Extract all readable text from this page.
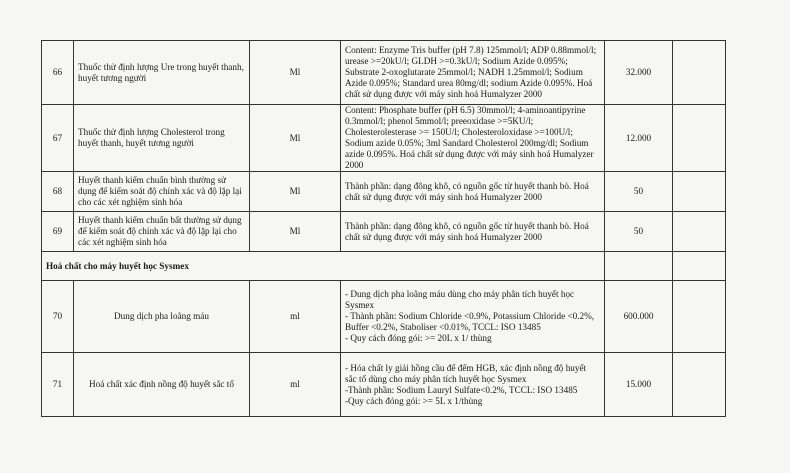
66	Thuốc thử định lượng Ure trong huyết thanh, huyết tương người	Ml	Content: Enzyme Tris buffer (pH 7.8) 125mmol/l; ADP 0.88mmol/l; urease >=20kU/l; GLDH >=0.3kU/l; Sodium Azide 0.095%; Substrate 2-oxoglutarate 25mmol/l; NADH 1.25mmol/l; Sodium Azide 0.095%; Standard urea 80mg/dl; sodium Azide 0.095%. Hoá chất sử dụng được với máy sinh hoá Humalyzer 2000	32.000	
67	Thuốc thử định lượng Cholesterol trong huyết thanh, huyết tương người	Ml	Content: Phosphate buffer (pH 6.5) 30mmol/l; 4-aminoantipyrine 0.3mmol/l; phenol 5mmol/l; preeoxidase >=5KU/l; Cholesterolesterase >= 150U/l; Cholesteroloxidase >=100U/l; Sodium azide 0.05%; 3ml Sandard Cholesterol 200mg/dl; Sodium azide 0.095%. Hoá chất sử dụng được với máy sinh hoá Humalyzer 2000	12.000	
68	Huyết thanh kiểm chuẩn bình thường sử dụng để kiểm soát độ chính xác và độ lặp lại cho các xét nghiệm sinh hóa	Ml	Thành phần: dạng đông khô, có nguồn gốc từ huyết thanh bò. Hoá chất sử dụng được với máy sinh hoá Humalyzer 2000	50	
69	Huyết thanh kiểm chuẩn bất thường sử dụng để kiểm soát độ chính xác và độ lặp lại cho các xét nghiệm sinh hóa	Ml	Thành phần: dạng đông khô, có nguồn gốc từ huyết thanh bò. Hoá chất sử dụng được với máy sinh hoá Humalyzer 2000	50	
Hoá chất cho máy huyết học Sysmex					
70	Dung dịch pha loãng máu	ml	- Dung dịch pha loãng máu dùng cho máy phân tích huyết học Sysmex
- Thành phần: Sodium Chloride <0.9%, Potassium Chloride <0.2%, Buffer <0.2%, Staboliser <0.01%, TCCL: ISO 13485
- Quy cách đóng gói: >= 20L x 1/ thùng	600.000	
71	Hoá chất xác định nồng độ huyết sắc tố	ml	- Hóa chất ly giải hồng cầu để đếm HGB, xác định nồng độ huyết sắc tố dùng cho máy phân tích huyết học Sysmex
-Thành phần: Sodium Lauryl Sulfate<0.2%, TCCL: ISO 13485
-Quy cách đóng gói: >= 5L x 1/thùng	15.000	
